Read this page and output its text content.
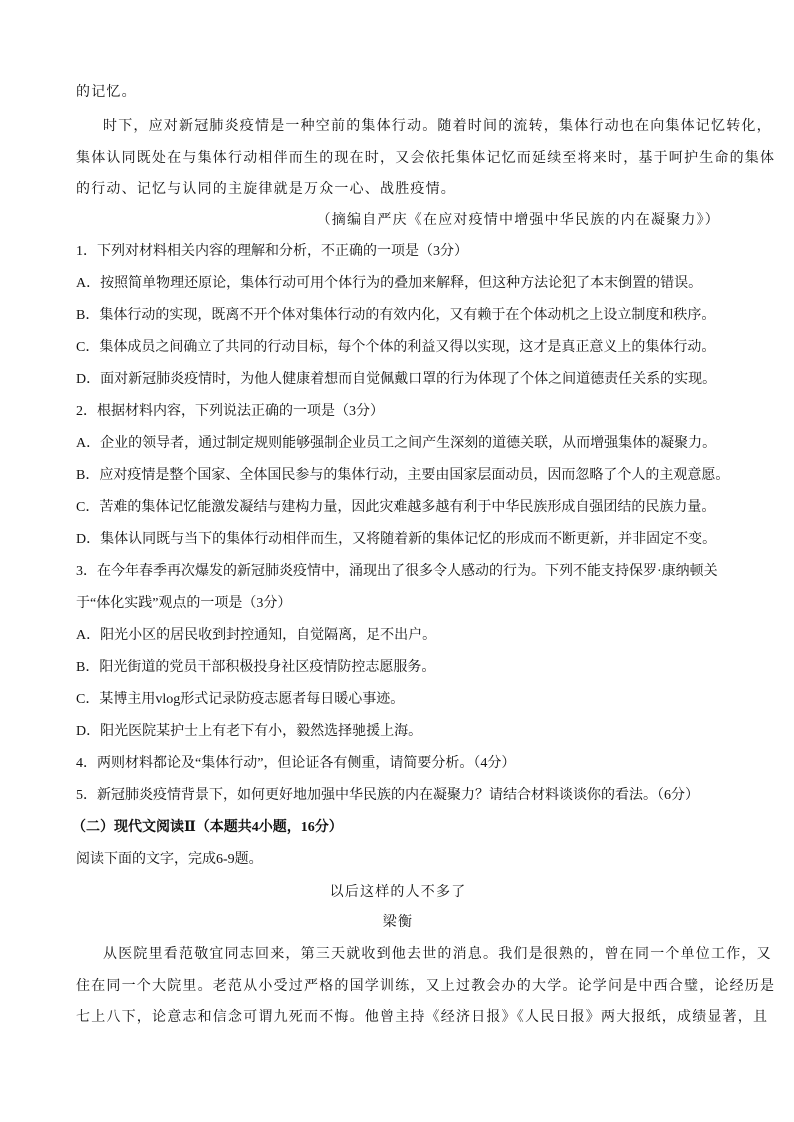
的记忆。
时下，应对新冠肺炎疫情是一种空前的集体行动。随着时间的流转，集体行动也在向集体记忆转化，
集体认同既处在与集体行动相伴而生的现在时，又会依托集体记忆而延续至将来时，基于呵护生命的集体
的行动、记忆与认同的主旋律就是万众一心、战胜疫情。
（摘编自严庆《在应对疫情中增强中华民族的内在凝聚力》）
1．下列对材料相关内容的理解和分析，不正确的一项是（3分）
A．按照简单物理还原论，集体行动可用个体行为的叠加来解释，但这种方法论犯了本末倒置的错误。
B．集体行动的实现，既离不开个体对集体行动的有效内化，又有赖于在个体动机之上设立制度和秩序。
C．集体成员之间确立了共同的行动目标，每个个体的利益又得以实现，这才是真正意义上的集体行动。
D．面对新冠肺炎疫情时，为他人健康着想而自觉佩戴口罩的行为体现了个体之间道德责任关系的实现。
2．根据材料内容，下列说法正确的一项是（3分）
A．企业的领导者，通过制定规则能够强制企业员工之间产生深刻的道德关联，从而增强集体的凝聚力。
B．应对疫情是整个国家、全体国民参与的集体行动，主要由国家层面动员，因而忽略了个人的主观意愿。
C．苦难的集体记忆能激发凝结与建构力量，因此灾难越多越有利于中华民族形成自强团结的民族力量。
D．集体认同既与当下的集体行动相伴而生，又将随着新的集体记忆的形成而不断更新，并非固定不变。
3．在今年春季再次爆发的新冠肺炎疫情中，涌现出了很多令人感动的行为。下列不能支持保罗·康纳顿关
于“体化实践”观点的一项是（3分）
A．阳光小区的居民收到封控通知，自觉隔离，足不出户。
B．阳光街道的党员干部积极投身社区疫情防控志愿服务。
C．某博主用vlog形式记录防疫志愿者每日暖心事迹。
D．阳光医院某护士上有老下有小，毅然选择驰援上海。
4．两则材料都论及“集体行动”，但论证各有侧重，请简要分析。（4分）
5．新冠肺炎疫情背景下，如何更好地加强中华民族的内在凝聚力？请结合材料谈谈你的看法。（6分）
（二）现代文阅读Ⅱ（本题共4小题，16分）
阅读下面的文字，完成6-9题。
以后这样的人不多了
梁衡
从医院里看范敬宜同志回来，第三天就收到他去世的消息。我们是很熟的，曾在同一个单位工作，又
住在同一个大院里。老范从小受过严格的国学训练，又上过教会办的大学。论学问是中西合璧，论经历是
七上八下，论意志和信念可谓九死而不悔。他曾主持《经济日报》《人民日报》两大报纸，成绩显著，且
